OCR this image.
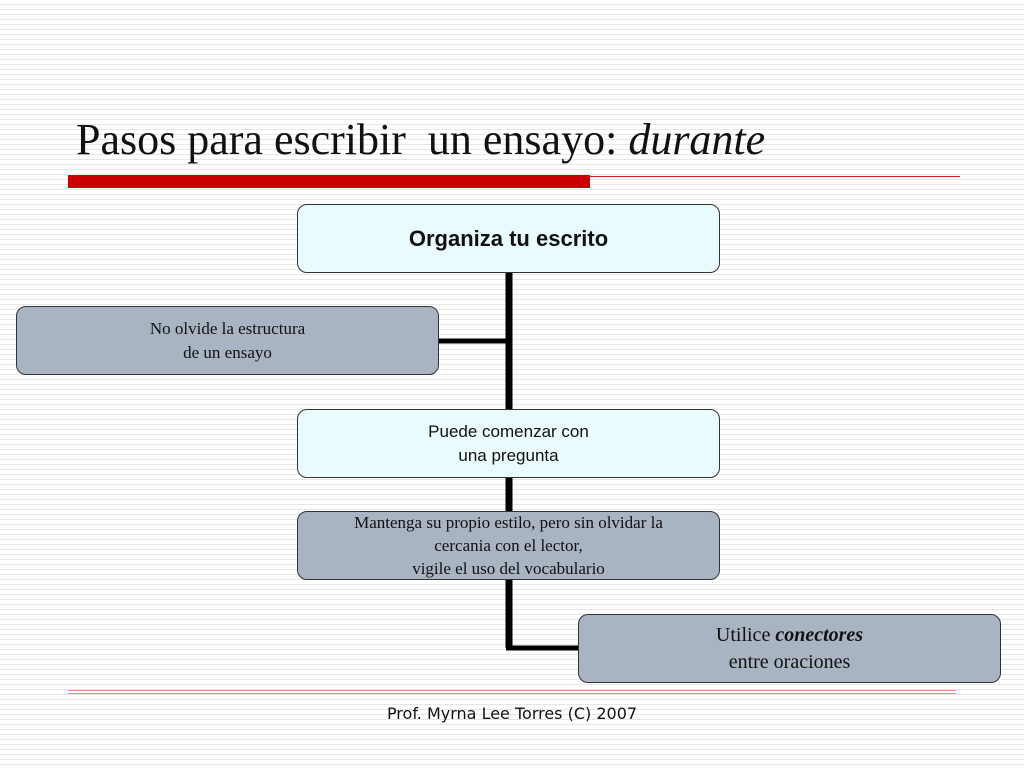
Pasos para escribir  un ensayo: durante
Organiza tu escrito
No olvide la estructura
de un ensayo
Puede comenzar con
una pregunta
Mantenga su propio estilo, pero sin olvidar la
cercania con el lector,
vigile el uso del vocabulario
Utilice conectores
entre oraciones

Prof. Myrna Lee Torres (C) 2007
